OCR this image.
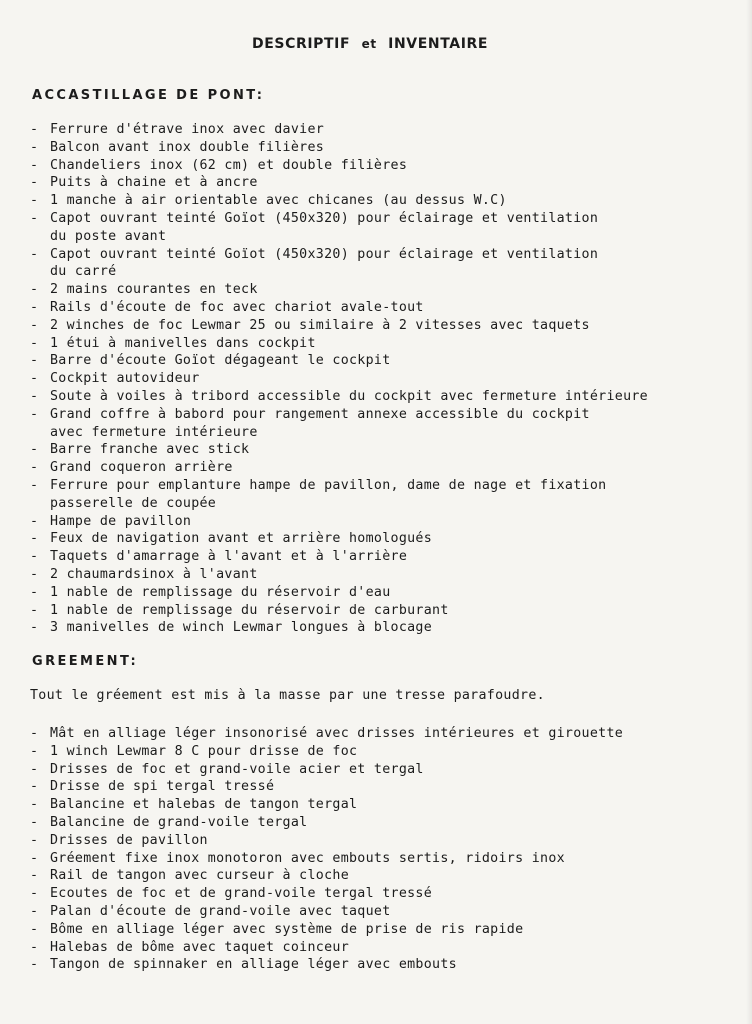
DESCRIPTIF et INVENTAIRE
ACCASTILLAGE DE PONT:
- Ferrure d'étrave inox avec davier
- Balcon avant inox double filières
- Chandeliers inox (62 cm) et double filières
- Puits à chaine et à ancre
- 1 manche à air orientable avec chicanes (au dessus W.C)
- Capot ouvrant teinté Goïot (450x320) pour éclairage et ventilation
du poste avant
- Capot ouvrant teinté Goïot (450x320) pour éclairage et ventilation
du carré
- 2 mains courantes en teck
- Rails d'écoute de foc avec chariot avale-tout
- 2 winches de foc Lewmar 25 ou similaire à 2 vitesses avec taquets
- 1 étui à manivelles dans cockpit
- Barre d'écoute Goïot dégageant le cockpit
- Cockpit autovideur
- Soute à voiles à tribord accessible du cockpit avec fermeture intérieure
- Grand coffre à babord pour rangement annexe accessible du cockpit
avec fermeture intérieure
- Barre franche avec stick
- Grand coqueron arrière
- Ferrure pour emplanture hampe de pavillon, dame de nage et fixation
passerelle de coupée
- Hampe de pavillon
- Feux de navigation avant et arrière homologués
- Taquets d'amarrage à l'avant et à l'arrière
- 2 chaumardsinox à l'avant
- 1 nable de remplissage du réservoir d'eau
- 1 nable de remplissage du réservoir de carburant
- 3 manivelles de winch Lewmar longues à blocage
GREEMENT:
Tout le gréement est mis à la masse par une tresse parafoudre.
- Mât en alliage léger insonorisé avec drisses intérieures et girouette
- 1 winch Lewmar 8 C pour drisse de foc
- Drisses de foc et grand-voile acier et tergal
- Drisse de spi tergal tressé
- Balancine et halebas de tangon tergal
- Balancine de grand-voile tergal
- Drisses de pavillon
- Gréement fixe inox monotoron avec embouts sertis, ridoirs inox
- Rail de tangon avec curseur à cloche
- Ecoutes de foc et de grand-voile tergal tressé
- Palan d'écoute de grand-voile avec taquet
- Bôme en alliage léger avec système de prise de ris rapide
- Halebas de bôme avec taquet coinceur
- Tangon de spinnaker en alliage léger avec embouts
